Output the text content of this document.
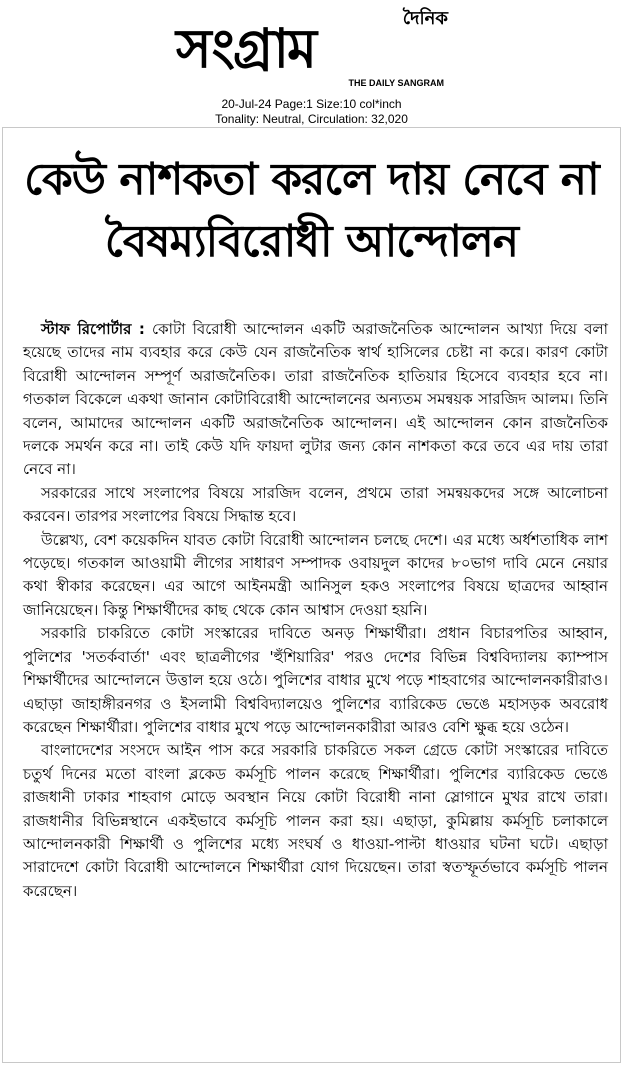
দৈনিক
সংগ্রাম
THE DAILY SANGRAM
20-Jul-24 Page:1 Size:10 col*inch
Tonality: Neutral, Circulation: 32,020
কেউ নাশকতা করলে দায় নেবে না
বৈষম্যবিরোধী আন্দোলন

স্টাফ রিপোর্টার : কোটা বিরোধী আন্দোলন একটি অরাজনৈতিক আন্দোলন আখ্যা দিয়ে বলা হয়েছে তাদের নাম ব্যবহার করে কেউ যেন রাজনৈতিক স্বার্থ হাসিলের চেষ্টা না করে। কারণ কোটা বিরোধী আন্দোলন সম্পূর্ণ অরাজনৈতিক। তারা রাজনৈতিক হাতিয়ার হিসেবে ব্যবহার হবে না। গতকাল বিকেলে একথা জানান কোটাবিরোধী আন্দোলনের অন্যতম সমন্বয়ক সারজিদ আলম। তিনি বলেন, আমাদের আন্দোলন একটি অরাজনৈতিক আন্দোলন। এই আন্দোলন কোন রাজনৈতিক দলকে সমর্থন করে না। তাই কেউ যদি ফায়দা লুটার জন্য কোন নাশকতা করে তবে এর দায় তারা নেবে না।

সরকারের সাথে সংলাপের বিষয়ে সারজিদ বলেন, প্রথমে তারা সমন্বয়কদের সঙ্গে আলোচনা করবেন। তারপর সংলাপের বিষয়ে সিদ্ধান্ত হবে।

উল্লেখ্য, বেশ কয়েকদিন যাবত কোটা বিরোধী আন্দোলন চলছে দেশে। এর মধ্যে অর্ধশতাধিক লাশ পড়েছে। গতকাল আওয়ামী লীগের সাধারণ সম্পাদক ওবায়দুল কাদের ৮০ভাগ দাবি মেনে নেয়ার কথা স্বীকার করেছেন। এর আগে আইনমন্ত্রী আনিসুল হকও সংলাপের বিষয়ে ছাত্রদের আহ্বান জানিয়েছেন। কিন্তু শিক্ষার্থীদের কাছ থেকে কোন আশ্বাস দেওয়া হয়নি।

সরকারি চাকরিতে কোটা সংস্কারের দাবিতে অনড় শিক্ষার্থীরা। প্রধান বিচারপতির আহ্বান, পুলিশের 'সতর্কবার্তা' এবং ছাত্রলীগের 'হুঁশিয়ারির' পরও দেশের বিভিন্ন বিশ্ববিদ্যালয় ক্যাম্পাস শিক্ষার্থীদের আন্দোলনে উত্তাল হয়ে ওঠে। পুলিশের বাধার মুখে পড়ে শাহবাগের আন্দোলনকারীরাও। এছাড়া জাহাঙ্গীরনগর ও ইসলামী বিশ্ববিদ্যালয়েও পুলিশের ব্যারিকেড ভেঙে মহাসড়ক অবরোধ করেছেন শিক্ষার্থীরা। পুলিশের বাধার মুখে পড়ে আন্দোলনকারীরা আরও বেশি ক্ষুব্ধ হয়ে ওঠেন।

বাংলাদেশের সংসদে আইন পাস করে সরকারি চাকরিতে সকল গ্রেডে কোটা সংস্কারের দাবিতে চতুর্থ দিনের মতো বাংলা ব্লকেড কর্মসূচি পালন করেছে শিক্ষার্থীরা। পুলিশের ব্যারিকেড ভেঙে রাজধানী ঢাকার শাহবাগ মোড়ে অবস্থান নিয়ে কোটা বিরোধী নানা স্লোগানে মুখর রাখে তারা। রাজধানীর বিভিন্নস্থানে একইভাবে কর্মসূচি পালন করা হয়। এছাড়া, কুমিল্লায় কর্মসূচি চলাকালে আন্দোলনকারী শিক্ষার্থী ও পুলিশের মধ্যে সংঘর্ষ ও ধাওয়া-পাল্টা ধাওয়ার ঘটনা ঘটে। এছাড়া সারাদেশে কোটা বিরোধী আন্দোলনে শিক্ষার্থীরা যোগ দিয়েছেন। তারা স্বতস্ফূর্তভাবে কর্মসূচি পালন করেছেন।
